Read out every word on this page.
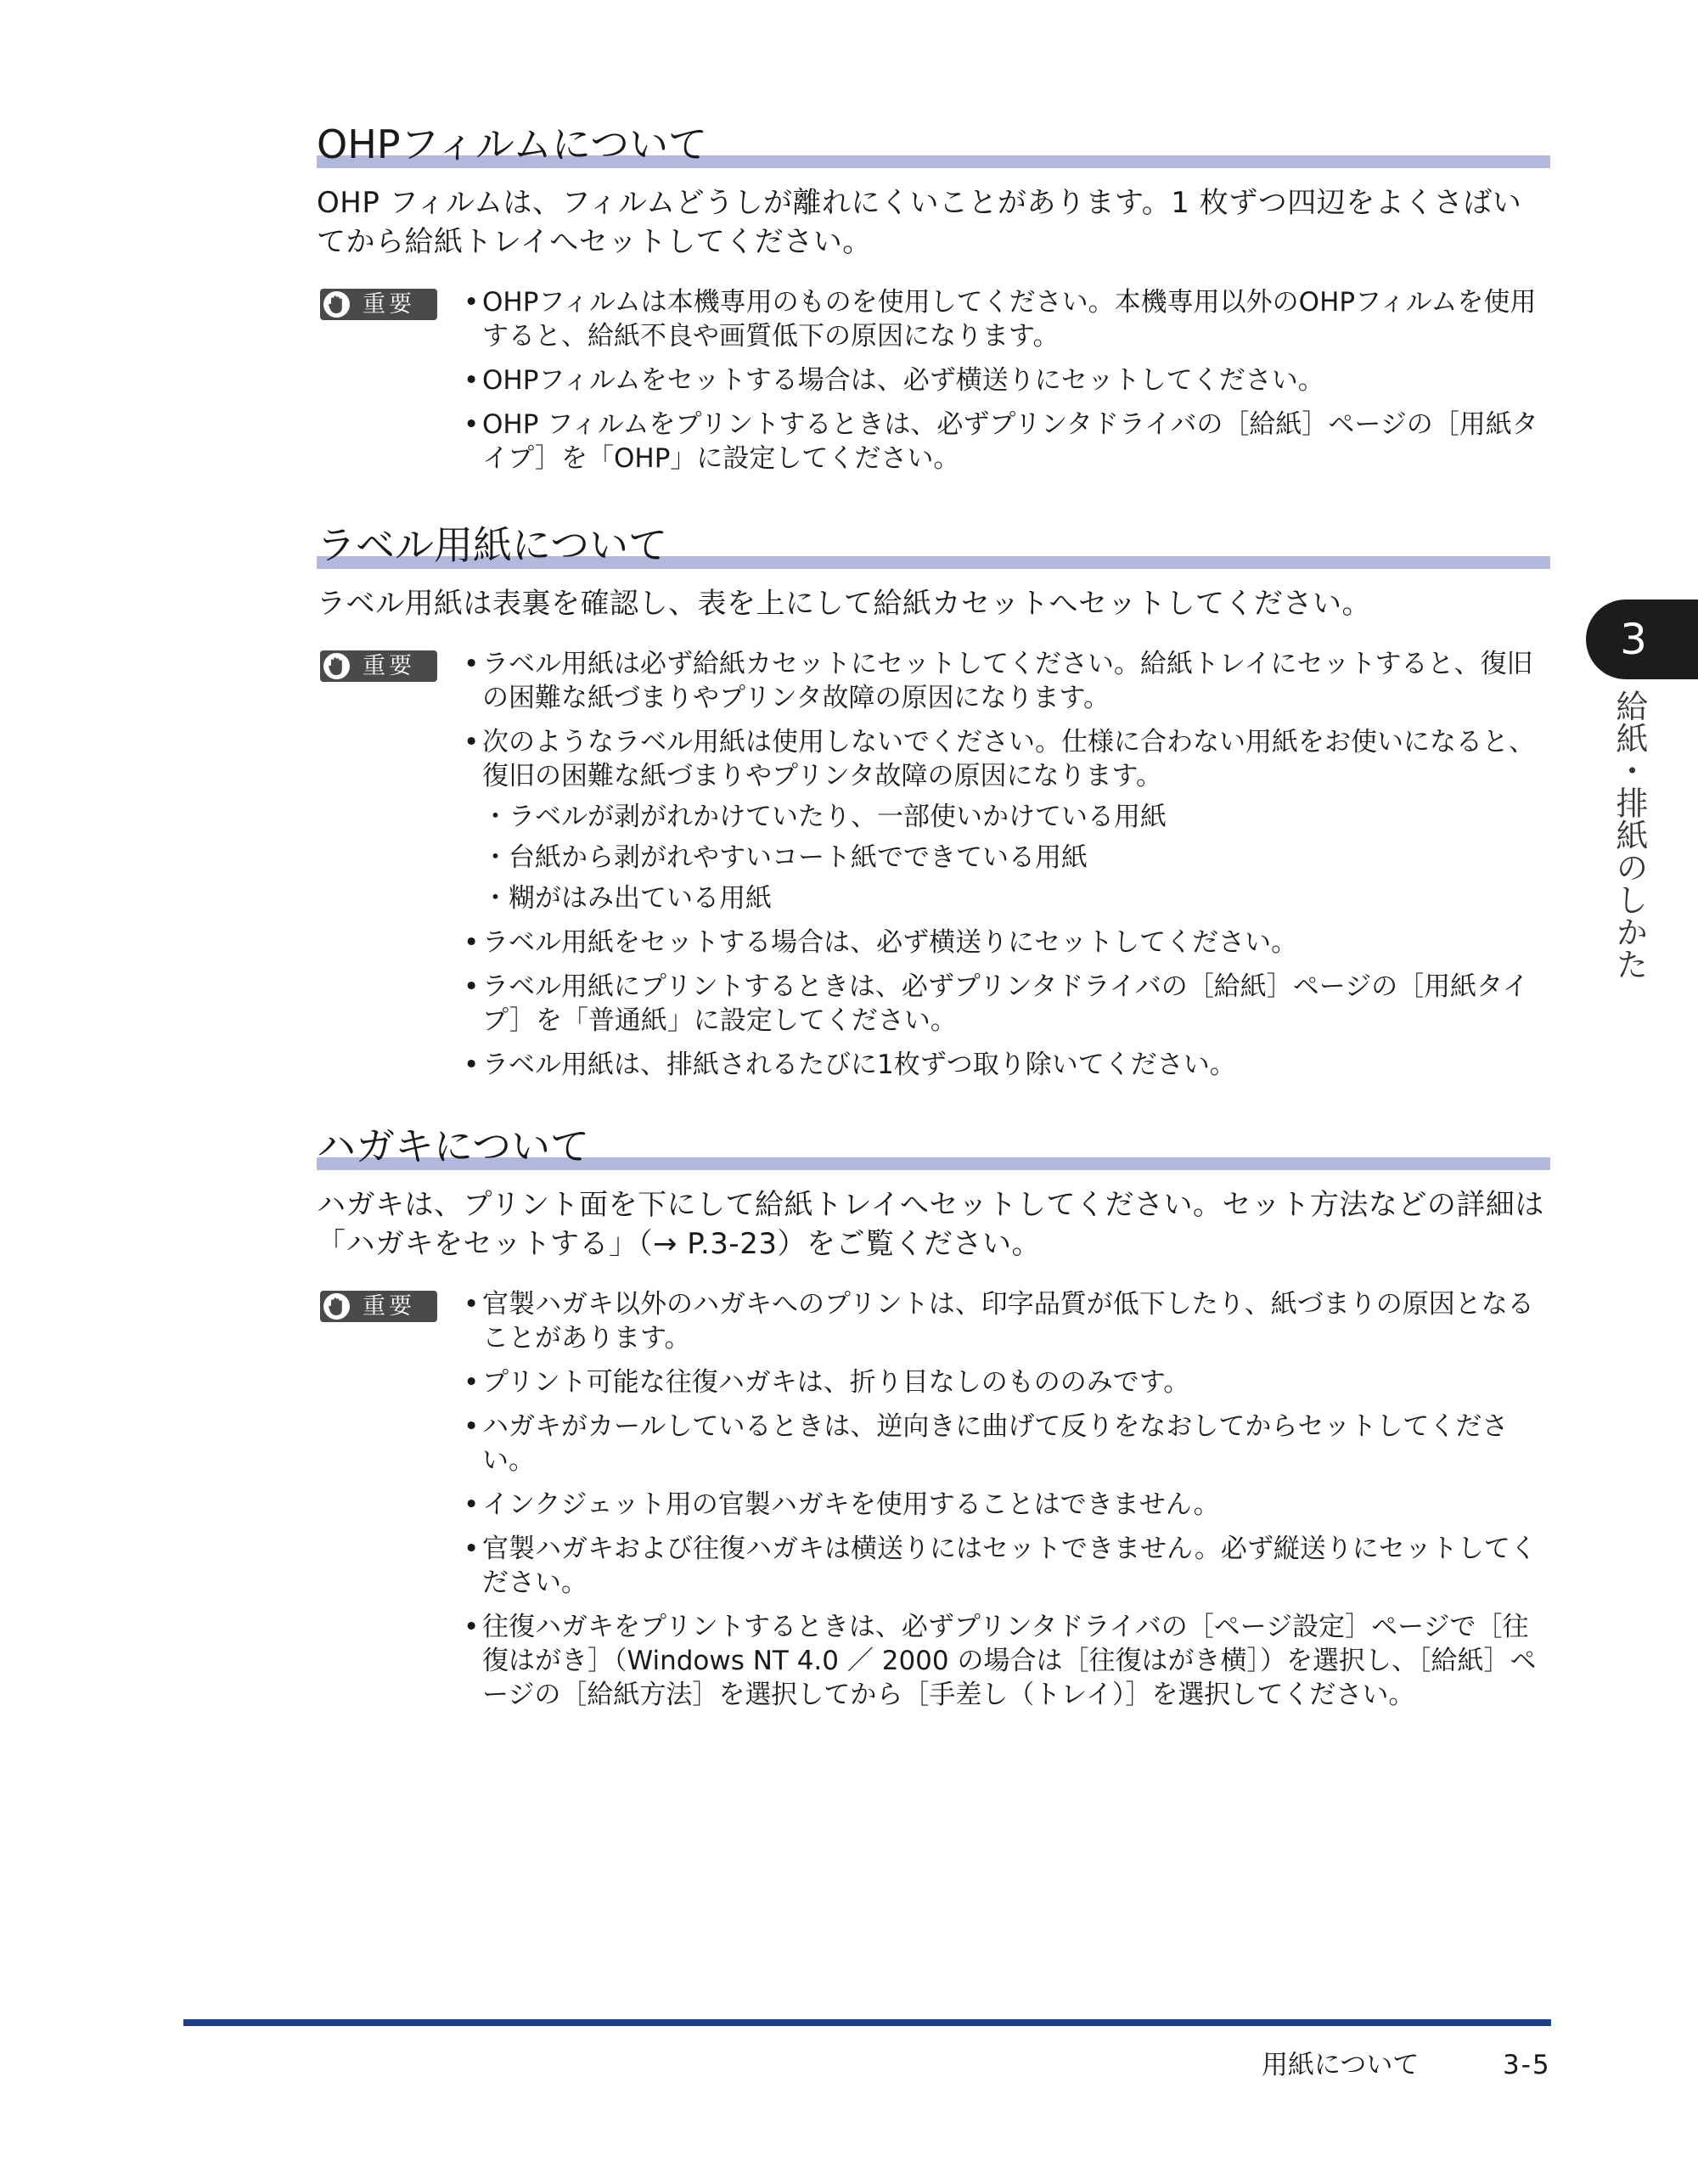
OHPフィルムについて
OHP フィルムは、フィルムどうしが離れにくいことがあります。1 枚ずつ四辺をよくさばいてから給紙トレイへセットしてください。
重要 • OHPフィルムは本機専用のものを使用してください。本機専用以外のOHPフィルムを使用すると、給紙不良や画質低下の原因になります。
• OHPフィルムをセットする場合は、必ず横送りにセットしてください。
• OHP フィルムをプリントするときは、必ずプリンタドライバの［給紙］ページの［用紙タイプ］を「OHP」に設定してください。
ラベル用紙について
ラベル用紙は表裏を確認し、表を上にして給紙カセットへセットしてください。
重要 • ラベル用紙は必ず給紙カセットにセットしてください。給紙トレイにセットすると、復旧の困難な紙づまりやプリンタ故障の原因になります。
• 次のようなラベル用紙は使用しないでください。仕様に合わない用紙をお使いになると、復旧の困難な紙づまりやプリンタ故障の原因になります。
・ラベルが剥がれかけていたり、一部使いかけている用紙
・台紙から剥がれやすいコート紙でできている用紙
・糊がはみ出ている用紙
• ラベル用紙をセットする場合は、必ず横送りにセットしてください。
• ラベル用紙にプリントするときは、必ずプリンタドライバの［給紙］ページの［用紙タイプ］を「普通紙」に設定してください。
• ラベル用紙は、排紙されるたびに1枚ずつ取り除いてください。
ハガキについて
ハガキは、プリント面を下にして給紙トレイへセットしてください。セット方法などの詳細は「ハガキをセットする」（→ P.3-23）をご覧ください。
重要 • 官製ハガキ以外のハガキへのプリントは、印字品質が低下したり、紙づまりの原因となることがあります。
• プリント可能な往復ハガキは、折り目なしのもののみです。
• ハガキがカールしているときは、逆向きに曲げて反りをなおしてからセットしてください。
• インクジェット用の官製ハガキを使用することはできません。
• 官製ハガキおよび往復ハガキは横送りにはセットできません。必ず縦送りにセットしてください。
• 往復ハガキをプリントするときは、必ずプリンタドライバの［ページ設定］ページで［往復はがき］（Windows NT 4.0 ／ 2000 の場合は［往復はがき横］）を選択し、［給紙］ページの［給紙方法］を選択してから［手差し（トレイ）］を選択してください。
3
給紙・排紙のしかた
用紙について	3-5
